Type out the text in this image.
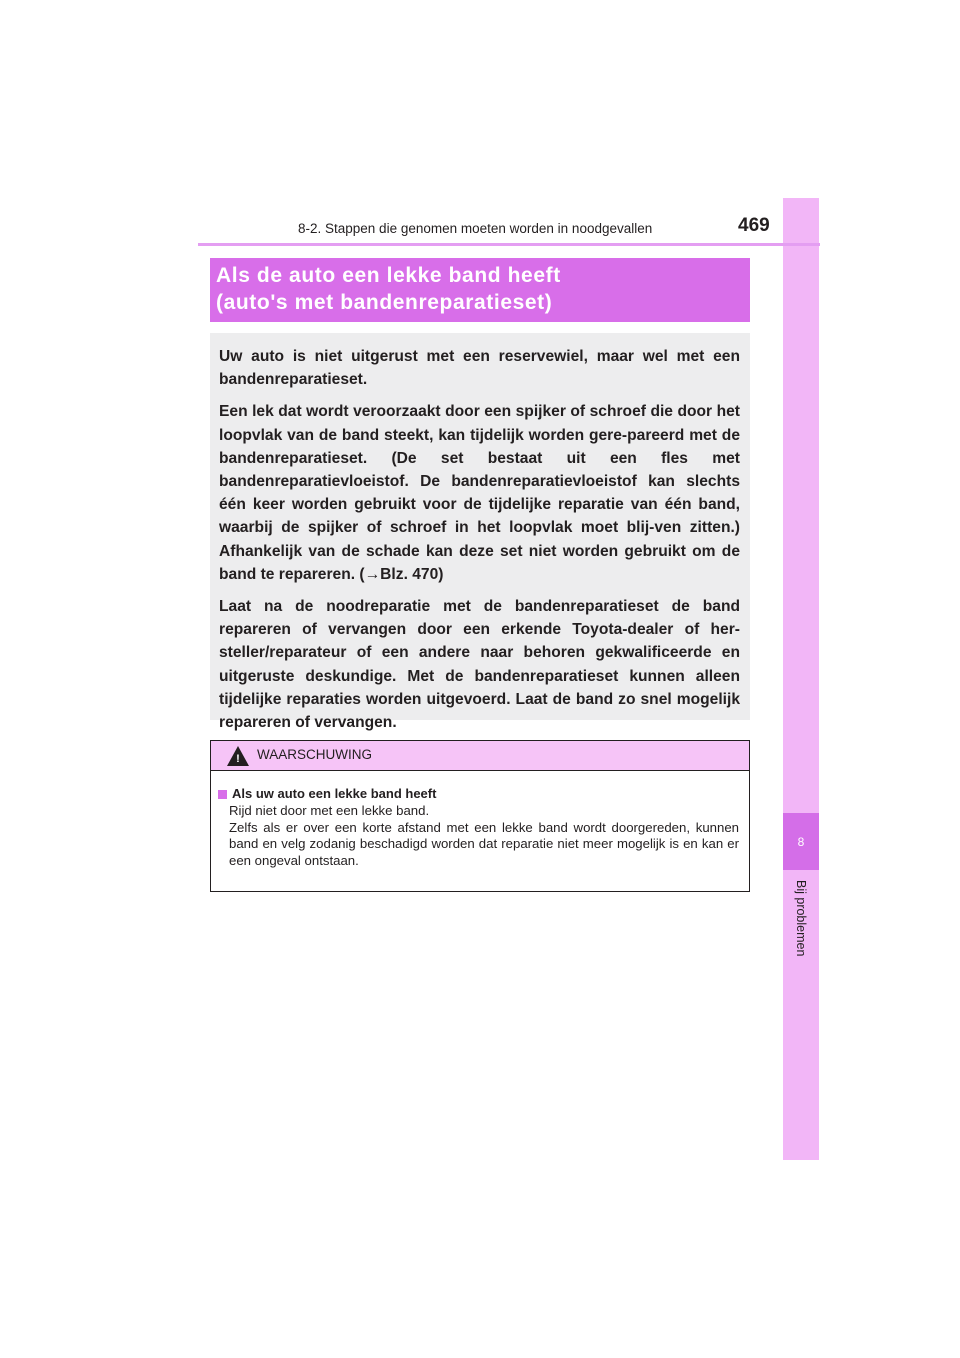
8
Bij problemen
8-2. Stappen die genomen moeten worden in noodgevallen	469
Als de auto een lekke band heeft
(auto's met bandenreparatieset)

Uw auto is niet uitgerust met een reservewiel, maar wel met een bandenreparatieset.

Een lek dat wordt veroorzaakt door een spijker of schroef die door het loopvlak van de band steekt, kan tijdelijk worden gere-pareerd met de bandenreparatieset. (De set bestaat uit een fles met bandenreparatievloeistof. De bandenreparatievloeistof kan slechts één keer worden gebruikt voor de tijdelijke reparatie van één band, waarbij de spijker of schroef in het loopvlak moet blij-ven zitten.) Afhankelijk van de schade kan deze set niet worden gebruikt om de band te repareren. (→Blz. 470)

Laat na de noodreparatie met de bandenreparatieset de band repareren of vervangen door een erkende Toyota-dealer of her-steller/reparateur of een andere naar behoren gekwalificeerde en uitgeruste deskundige. Met de bandenreparatieset kunnen alleen tijdelijke reparaties worden uitgevoerd. Laat de band zo snel mogelijk repareren of vervangen.

! WAARSCHUWING
Als uw auto een lekke band heeft

Rijd niet door met een lekke band.

Zelfs als er over een korte afstand met een lekke band wordt doorgereden, kunnen band en velg zodanig beschadigd worden dat reparatie niet meer mogelijk is en kan er een ongeval ontstaan.
